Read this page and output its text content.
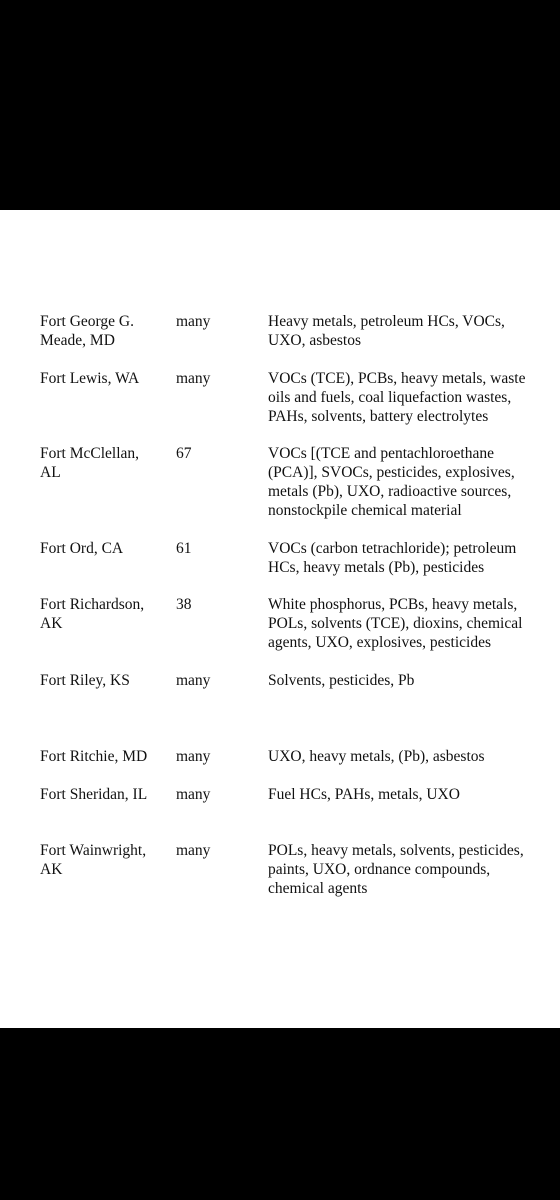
Fort George G.
Meade, MD
many	Heavy metals, petroleum HCs, VOCs,
UXO, asbestos
Fort Lewis, WA many	VOCs (TCE), PCBs, heavy metals, waste
oils and fuels, coal liquefaction wastes,
PAHs, solvents, battery electrolytes
Fort McClellan,
AL
67	VOCs [(TCE and pentachloroethane
(PCA)], SVOCs, pesticides, explosives,
metals (Pb), UXO, radioactive sources,
nonstockpile chemical material
Fort Ord, CA	61	VOCs (carbon tetrachloride); petroleum
HCs, heavy metals (Pb), pesticides
Fort Richardson,
AK
38	White phosphorus, PCBs, heavy metals,
POLs, solvents (TCE), dioxins, chemical
agents, UXO, explosives, pesticides
Fort Riley, KS	many	Solvents, pesticides, Pb
Fort Ritchie, MD many	UXO, heavy metals, (Pb), asbestos
Fort Sheridan, IL many	Fuel HCs, PAHs, metals, UXO
Fort Wainwright,
AK
many	POLs, heavy metals, solvents, pesticides,
paints, UXO, ordnance compounds,
chemical agents
